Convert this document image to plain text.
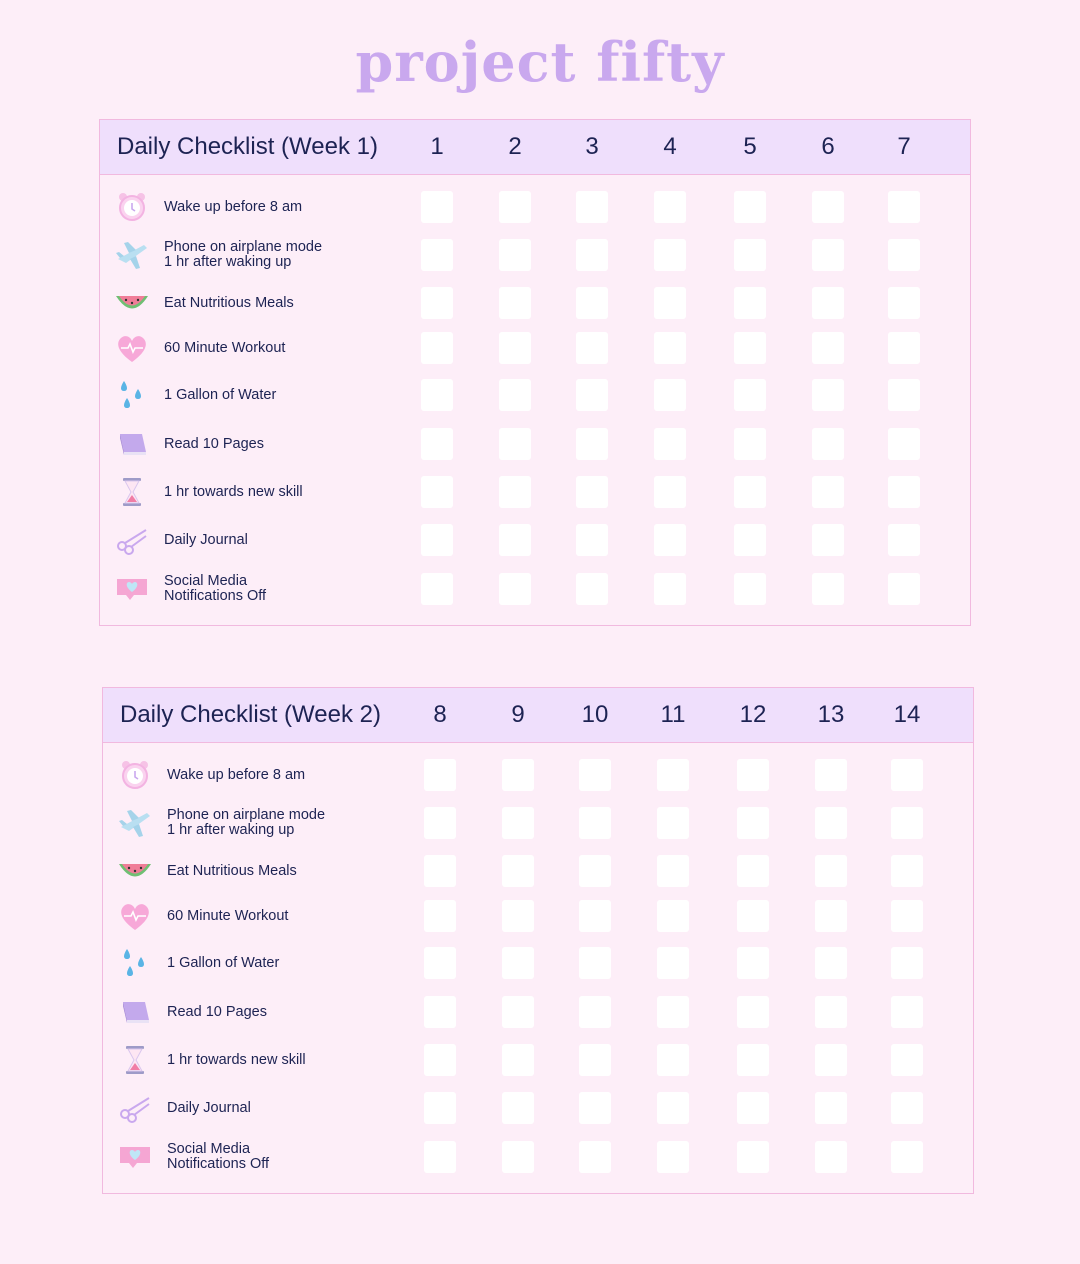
project fifty
Daily Checklist (Week 1)	1	2	3	4	5	6	7
Wake up before 8 am
Phone on airplane mode
1 hr after waking up
Eat Nutritious Meals
60 Minute Workout
1 Gallon of Water
Read 10 Pages
1 hr towards new skill
Daily Journal
Social Media
Notifications Off
Daily Checklist (Week 2)	8	9	10	11	12 13 14
Wake up before 8 am
Phone on airplane mode
1 hr after waking up
Eat Nutritious Meals
60 Minute Workout
1 Gallon of Water
Read 10 Pages
1 hr towards new skill
Daily Journal
Social Media
Notifications Off
